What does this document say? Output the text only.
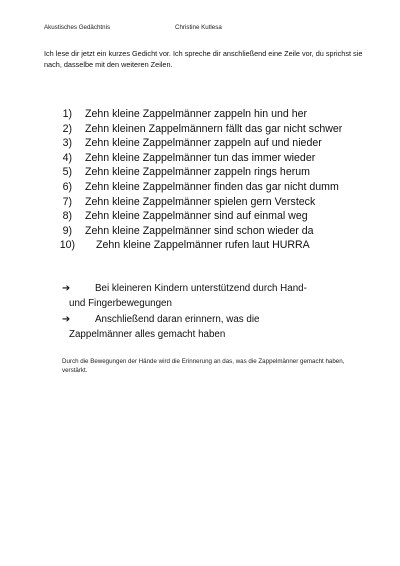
Akustisches Gedächtnis	Christine Kutlesa
Ich lese dir jetzt ein kurzes Gedicht vor. Ich spreche dir anschließend eine Zeile vor, du sprichst sie nach, dasselbe mit den weiteren Zeilen.
1) Zehn kleine Zappelmänner zappeln hin und her
2) Zehn kleinen Zappelmännern fällt das gar nicht schwer
3) Zehn kleine Zappelmänner zappeln auf und nieder
4) Zehn kleine Zappelmänner tun das immer wieder
5) Zehn kleine Zappelmänner zappeln rings herum
6) Zehn kleine Zappelmänner finden das gar nicht dumm
7) Zehn kleine Zappelmänner spielen gern Versteck
8) Zehn kleine Zappelmänner sind auf einmal weg
9) Zehn kleine Zappelmänner sind schon wieder da
10) Zehn kleine Zappelmänner rufen laut HURRA
➔	Bei kleineren Kindern unterstützend durch Hand-
und Fingerbewegungen
➔	Anschließend daran erinnern, was die
Zappelmänner alles gemacht haben
Durch die Bewegungen der Hände wird die Erinnerung an das, was die Zappelmänner gemacht haben, verstärkt.
